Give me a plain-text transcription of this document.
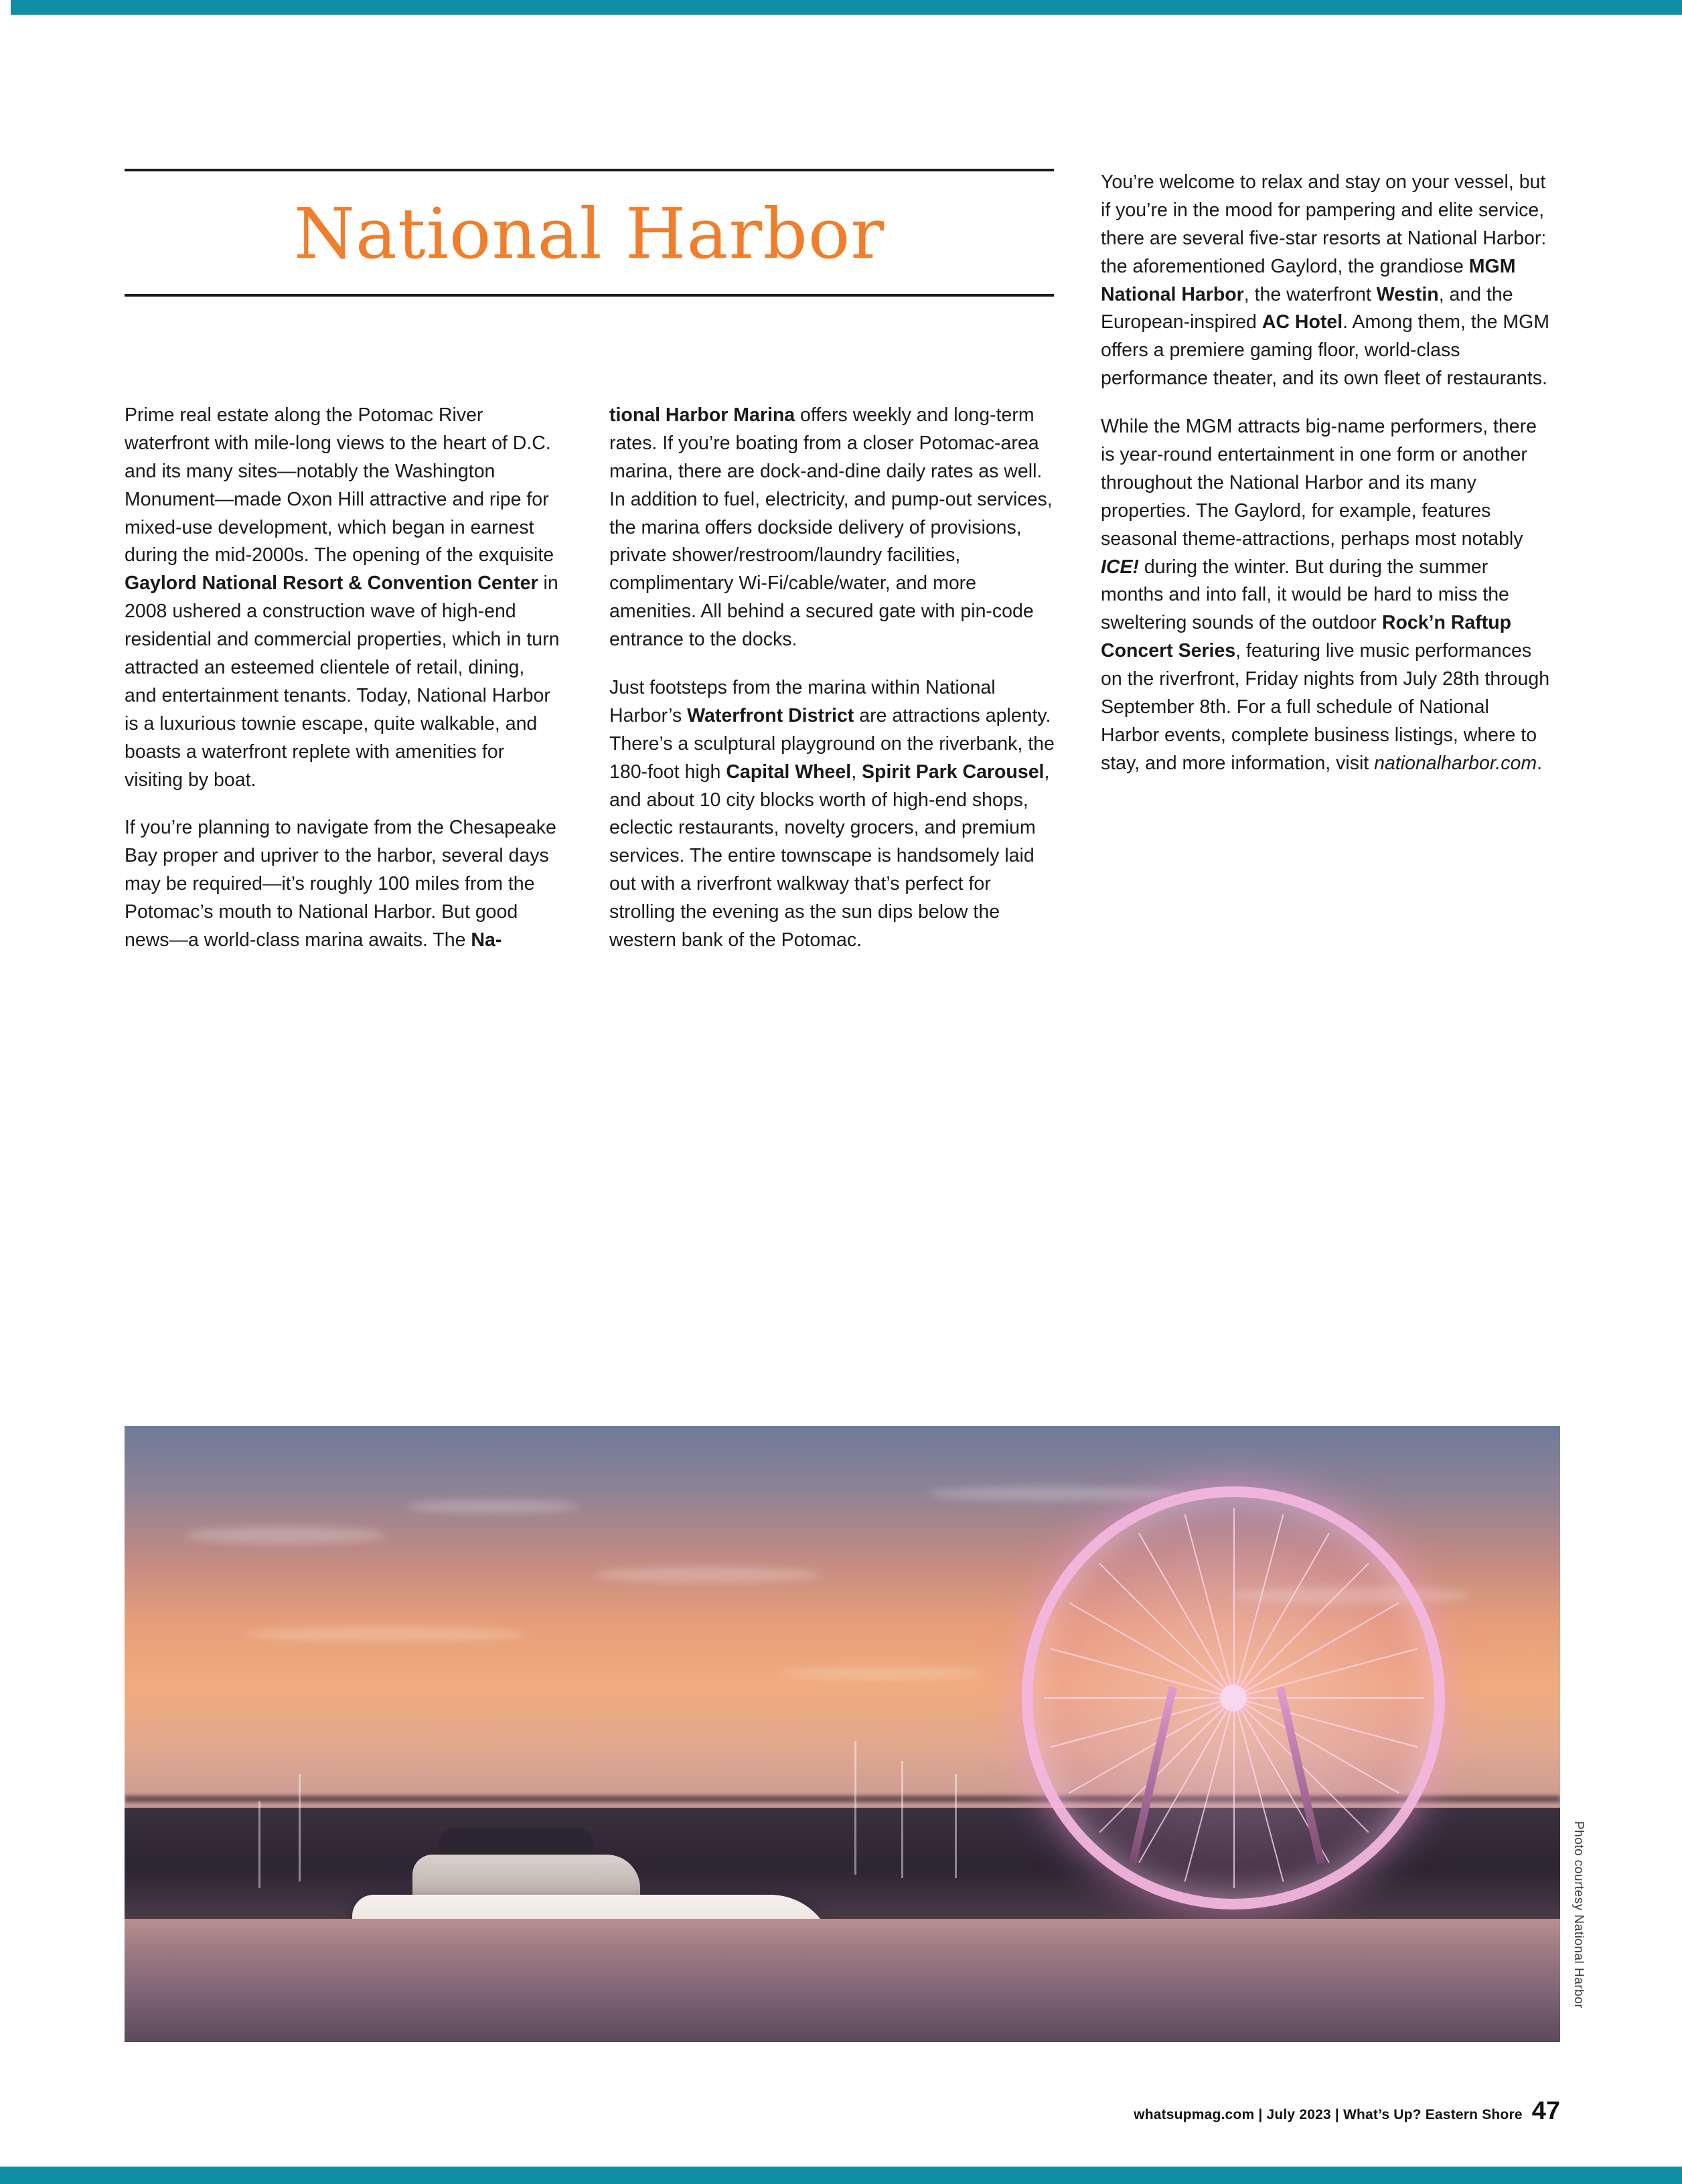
National Harbor

Prime real estate along the Potomac River waterfront with mile-long views to the heart of D.C. and its many sites—notably the Washington Monument—made Oxon Hill attractive and ripe for mixed-use development, which began in earnest during the mid-2000s. The opening of the exquisite Gaylord National Resort & Convention Center in 2008 ushered a construction wave of high-end residential and commercial properties, which in turn attracted an esteemed clientele of retail, dining, and entertainment tenants. Today, National Harbor is a luxurious townie escape, quite walkable, and boasts a waterfront replete with amenities for visiting by boat.

If you’re planning to navigate from the Chesapeake Bay proper and upriver to the harbor, several days may be required—it’s roughly 100 miles from the Potomac’s mouth to National Harbor. But good news—a world-class marina awaits. The Na-

tional Harbor Marina offers weekly and long-term rates. If you’re boating from a closer Potomac-area marina, there are dock-and-dine daily rates as well. In addition to fuel, electricity, and pump-out services, the marina offers dockside delivery of provisions, private shower/restroom/laundry facilities, complimentary Wi-Fi/cable/water, and more amenities. All behind a secured gate with pin-code entrance to the docks.

Just footsteps from the marina within National Harbor’s Waterfront District are attractions aplenty. There’s a sculptural playground on the riverbank, the 180-foot high Capital Wheel, Spirit Park Carousel, and about 10 city blocks worth of high-end shops, eclectic restaurants, novelty grocers, and premium services. The entire townscape is handsomely laid out with a riverfront walkway that’s perfect for strolling the evening as the sun dips below the western bank of the Potomac.

You’re welcome to relax and stay on your vessel, but if you’re in the mood for pampering and elite service, there are several five-star resorts at National Harbor: the aforementioned Gaylord, the grandiose MGM National Harbor, the waterfront Westin, and the European-inspired AC Hotel. Among them, the MGM offers a premiere gaming floor, world-class performance theater, and its own fleet of restaurants.

While the MGM attracts big-name performers, there is year-round entertainment in one form or another throughout the National Harbor and its many properties. The Gaylord, for example, features seasonal theme-attractions, perhaps most notably ICE! during the winter. But during the summer months and into fall, it would be hard to miss the sweltering sounds of the outdoor Rock’n Raftup Concert Series, featuring live music performances on the riverfront, Friday nights from July 28th through September 8th. For a full schedule of National Harbor events, complete business listings, where to stay, and more information, visit nationalharbor.com.

Photo courtesy National Harbor
whatsupmag.com | July 2023 | What’s Up? Eastern Shore 47
